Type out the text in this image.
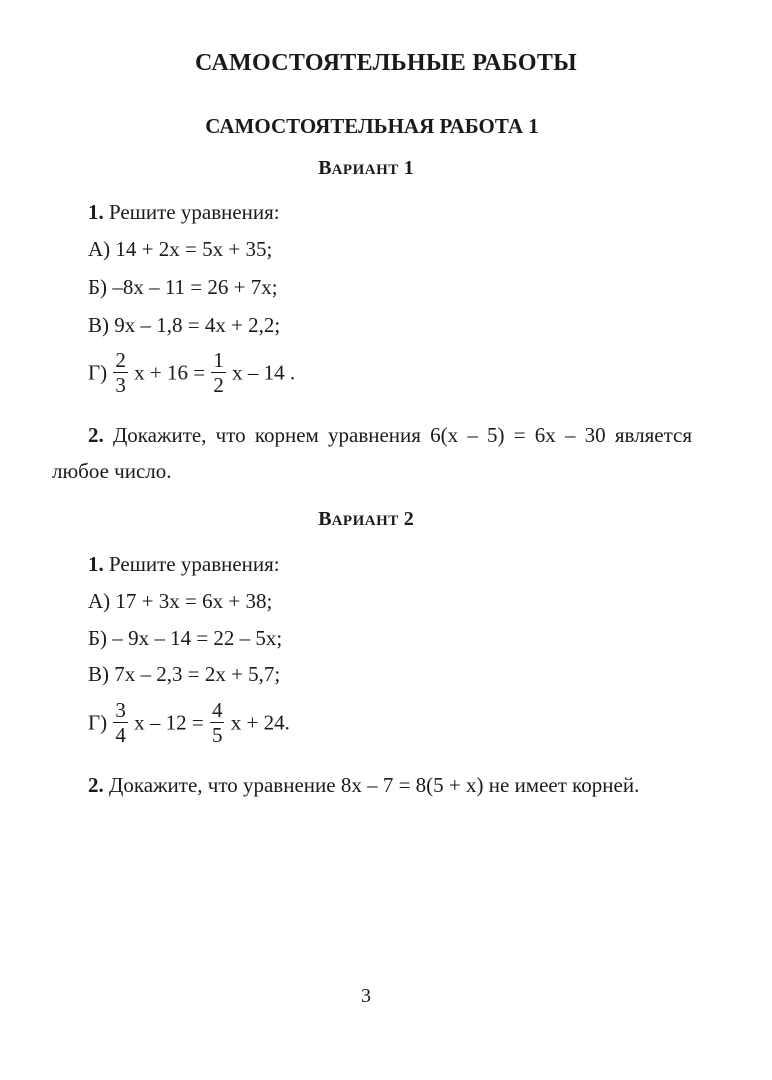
САМОСТОЯТЕЛЬНЫЕ РАБОТЫ
САМОСТОЯТЕЛЬНАЯ РАБОТА 1
ВАРИАНТ 1
1. Решите уравнения:
А) 14 + 2x = 5x + 35;
Б) –8x – 11 = 26 + 7x;
В) 9x – 1,8 = 4x + 2,2;
$Г) \frac{2}{3}$ $x + 16 = \frac{1}{2}$ x – 14 .
2. Докажите, что корнем уравнения 6(x – 5) = 6x – 30 является любое число.
ВАРИАНТ 2
1. Решите уравнения:
А) 17 + 3x = 6x + 38;
Б) – 9x – 14 = 22 – 5x;
В) 7x – 2,3 = 2x + 5,7;
$Г) \frac{3}{4}$ $x - 12 = \frac{4}{5}$ x + 24.
2. Докажите, что уравнение 8x – 7 = 8(5 + x) не имеет корней.
3
